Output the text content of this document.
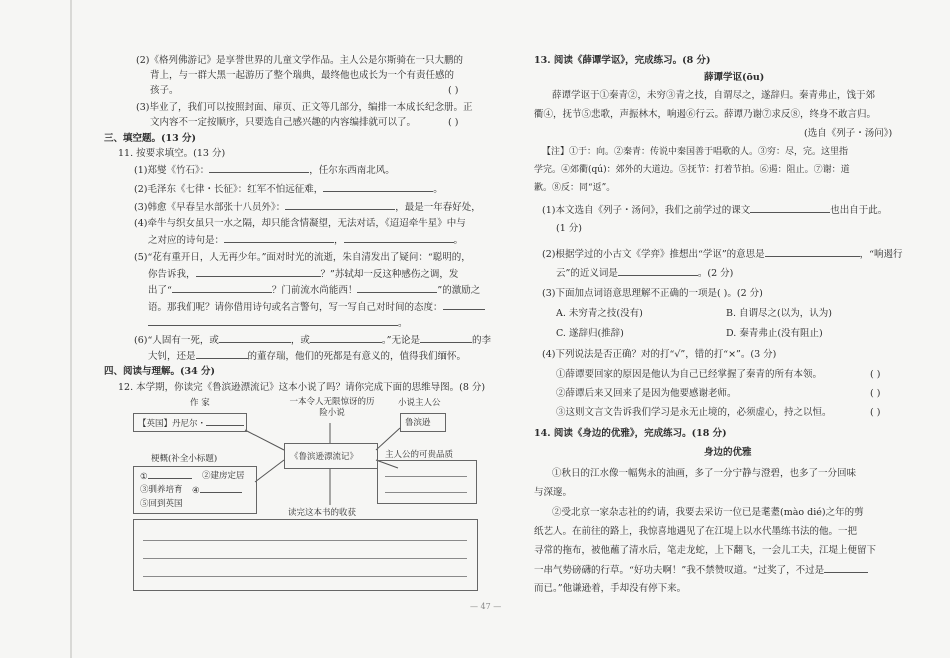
(2)《格列佛游记》是享誉世界的儿童文学作品。主人公是尔斯骑在一只大鹏的
背上，与一群大黑一起游历了整个瑞典，最终他也成长为一个有责任感的
孩子。	( )
(3)毕业了，我们可以按照封面、扉页、正文等几部分，编排一本成长纪念册。正
文内容不一定按顺序，只要选自己感兴趣的内容编排就可以了。	( )
三、填空题。(13 分)
11. 按要求填空。(13 分)
(1)郑燮《竹石》：	，任尔东西南北风。
(2)毛泽东《七律・长征》：红军不怕远征难，	。
(3)韩愈《早春呈水部张十八员外》：	，最是一年春好处，
(4)牵牛与织女虽只一水之隔，却只能含情凝望，无法对话，《迢迢牵牛星》中与
之对应的诗句是：	，	。
(5)“花有重开日，人无再少年。”面对时光的流逝，朱自清发出了疑问：“聪明的，
你告诉我，	？”苏轼却一反这种感伤之调，发
出了“	？门前流水尚能西！	”的激励之
语。那我们呢？请你借用诗句或名言警句，写一写自己对时间的态度：
。
(6)“人固有一死，或	，或	。”无论是	的李
大钊，还是	的董存瑞，他们的死都是有意义的，值得我们缅怀。
四、阅读与理解。(34 分)
12. 本学期，你读完《鲁滨逊漂流记》这本小说了吗？请你完成下面的思维导图。(8 分)
作 家
【英国】丹尼尔・
一本令人无限惊讶的历险小说
小说主人公
鲁滨逊
《鲁滨逊漂流记》
梗概(补全小标题)
①	②建房定居
③驯养培育 ④
⑤回到英国
主人公的可贵品质
读完这本书的收获
— 47 —
13. 阅读《薛谭学讴》，完成练习。(8 分)
薛谭学讴(ōu)
薛谭学讴于①秦青②，未穷③青之技，自谓尽之，遂辞归。秦青弗止，饯于郊
衢④，抚节⑤悲歌，声振林木，响遏⑥行云。薛谭乃谢⑦求反⑧，终身不敢言归。
(选自《列子・汤问》)
【注】①于：向。②秦青：传说中秦国善于唱歌的人。③穷：尽，完。这里指
学完。④郊衢(qú)：郊外的大道边。⑤抚节：打着节拍。⑥遏：阻止。⑦谢：道
歉。⑧反：同“返”。
(1)本文选自《列子・汤问》，我们之前学过的课文	也出自于此。
(1 分)
(2)根据学过的小古文《学弈》推想出“学讴”的意思是	，“响遏行
云”的近义词是	。(2 分)
(3)下面加点词语意思理解不正确的一项是( )。(2 分)
A. 未穷青之技(没有)	B. 自谓尽之(以为，认为)
C. 遂辞归(推辞)	D. 秦青弗止(没有阻止)
(4)下列说法是否正确？对的打“√”，错的打“×”。(3 分)
①薛谭要回家的原因是他认为自己已经掌握了秦青的所有本领。	( )
②薛谭后来又回来了是因为他要感谢老师。	( )
③这则文言文告诉我们学习是永无止境的，必须虚心，持之以恒。	( )
14. 阅读《身边的优雅》，完成练习。(18 分)
身边的优雅
①秋日的江水像一幅隽永的油画，多了一分宁静与澄碧，也多了一分回味
与深邃。
②受北京一家杂志社的约请，我要去采访一位已是耄耋(mào dié)之年的剪
纸艺人。在前往的路上，我惊喜地遇见了在江堤上以水代墨练书法的他。一把
寻常的拖布，被他蘸了清水后，笔走龙蛇，上下翻飞，一会儿工夫，江堤上便留下
一串气势磅礴的行草。“好功夫啊！”我不禁赞叹道。“过奖了，不过是
而已。”他谦逊着，手却没有停下来。
